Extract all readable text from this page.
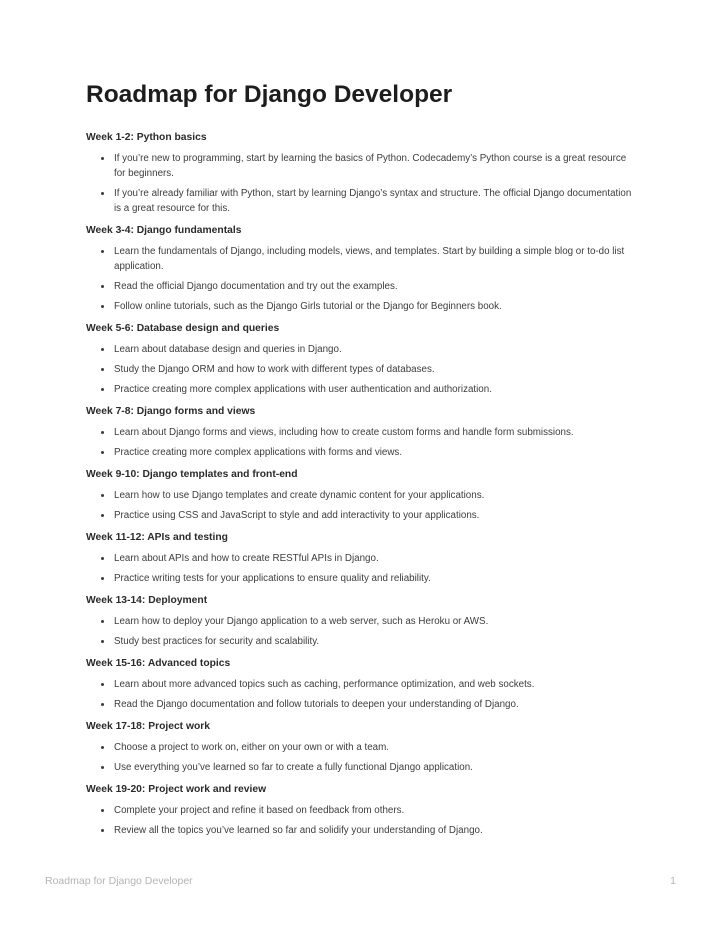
Roadmap for Django Developer
Week 1-2: Python basics
• If you’re new to programming, start by learning the basics of Python. Codecademy’s Python course is a great resource for beginners.
• If you’re already familiar with Python, start by learning Django’s syntax and structure. The official Django documentation is a great resource for this.
Week 3-4: Django fundamentals
• Learn the fundamentals of Django, including models, views, and templates. Start by building a simple blog or to-do list application.
• Read the official Django documentation and try out the examples.
• Follow online tutorials, such as the Django Girls tutorial or the Django for Beginners book.
Week 5-6: Database design and queries
• Learn about database design and queries in Django.
• Study the Django ORM and how to work with different types of databases.
• Practice creating more complex applications with user authentication and authorization.
Week 7-8: Django forms and views
• Learn about Django forms and views, including how to create custom forms and handle form submissions.
• Practice creating more complex applications with forms and views.
Week 9-10: Django templates and front-end
• Learn how to use Django templates and create dynamic content for your applications.
• Practice using CSS and JavaScript to style and add interactivity to your applications.
Week 11-12: APIs and testing
• Learn about APIs and how to create RESTful APIs in Django.
• Practice writing tests for your applications to ensure quality and reliability.
Week 13-14: Deployment
• Learn how to deploy your Django application to a web server, such as Heroku or AWS.
• Study best practices for security and scalability.
Week 15-16: Advanced topics
• Learn about more advanced topics such as caching, performance optimization, and web sockets.
• Read the Django documentation and follow tutorials to deepen your understanding of Django.
Week 17-18: Project work
• Choose a project to work on, either on your own or with a team.
• Use everything you’ve learned so far to create a fully functional Django application.
Week 19-20: Project work and review
• Complete your project and refine it based on feedback from others.
• Review all the topics you’ve learned so far and solidify your understanding of Django.
Roadmap for Django Developer	1
